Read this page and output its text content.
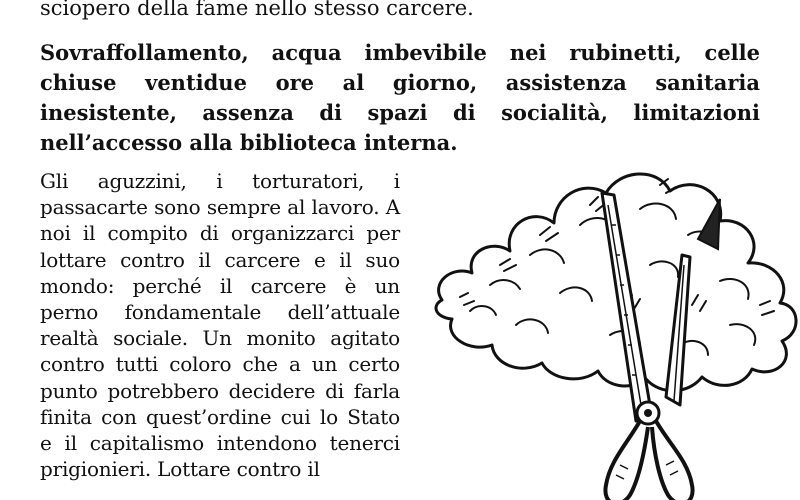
sciopero della fame nello stesso carcere.

Sovraffollamento, acqua imbevibile nei rubinetti, celle chiuse ventidue ore al giorno, assistenza sanitaria inesistente, assenza di spazi di socialità, limitazioni nell’accesso alla biblioteca interna.

Gli aguzzini, i torturatori, i passacarte sono sempre al lavoro. A noi il compito di organizzarci per lottare contro il carcere e il suo mondo: perché il carcere è un perno fondamentale dell’attuale realtà sociale. Un monito agitato contro tutti coloro che a un certo punto potrebbero decidere di farla finita con quest’ordine cui lo Stato e il capitalismo intendono tenerci prigionieri. Lottare contro il
